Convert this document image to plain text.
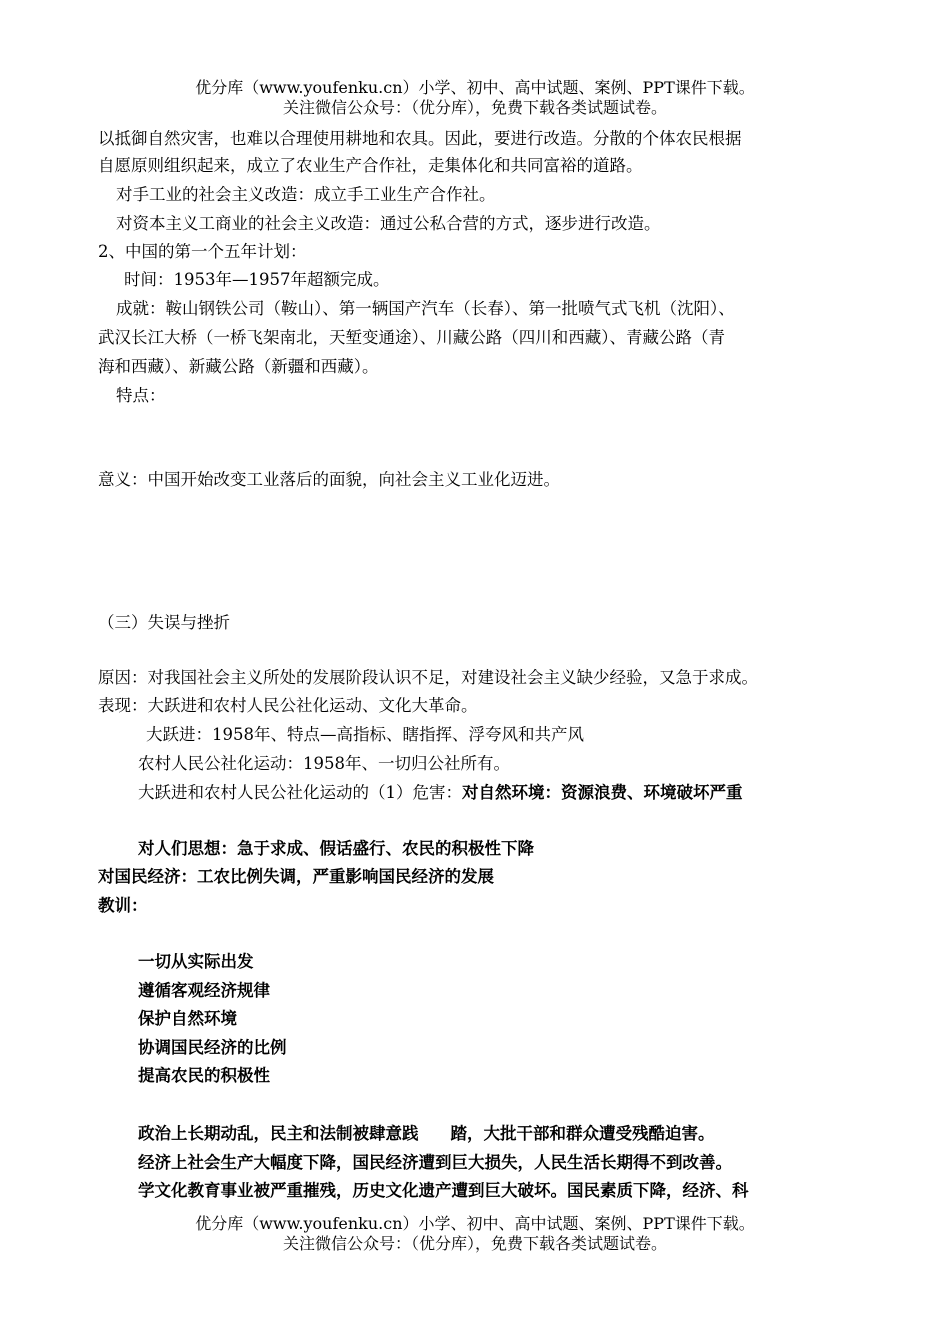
优分库（www.youfenku.cn）小学、初中、高中试题、案例、PPT课件下载。
关注微信公众号：（优分库），免费下载各类试题试卷。
以抵御自然灾害，也难以合理使用耕地和农具。因此，要进行改造。分散的个体农民根据
自愿原则组织起来，成立了农业生产合作社，走集体化和共同富裕的道路。
对手工业的社会主义改造：成立手工业生产合作社。
对资本主义工商业的社会主义改造：通过公私合营的方式，逐步进行改造。
2、中国的第一个五年计划：
时间：1953年—1957年超额完成。
成就：鞍山钢铁公司（鞍山）、第一辆国产汽车（长春）、第一批喷气式飞机（沈阳）、
武汉长江大桥（一桥飞架南北，天堑变通途）、川藏公路（四川和西藏）、青藏公路（青
海和西藏）、新藏公路（新疆和西藏）。
特点：
意义：中国开始改变工业落后的面貌，向社会主义工业化迈进。
（三）失误与挫折
原因：对我国社会主义所处的发展阶段认识不足，对建设社会主义缺少经验，又急于求成。
表现：大跃进和农村人民公社化运动、文化大革命。
大跃进：1958年、特点—高指标、瞎指挥、浮夸风和共产风
农村人民公社化运动：1958年、一切归公社所有。
大跃进和农村人民公社化运动的（1）危害：对自然环境：资源浪费、环境破坏严重
对人们思想：急于求成、假话盛行、农民的积极性下降
对国民经济：工农比例失调，严重影响国民经济的发展
教训：
一切从实际出发
遵循客观经济规律
保护自然环境
协调国民经济的比例
提高农民的积极性
政治上长期动乱，民主和法制被肆意践 踏，大批干部和群众遭受残酷迫害。
经济上社会生产大幅度下降，国民经济遭到巨大损失，人民生活长期得不到改善。
学文化教育事业被严重摧残，历史文化遗产遭到巨大破坏。国民素质下降，经济、科
优分库（www.youfenku.cn）小学、初中、高中试题、案例、PPT课件下载。
关注微信公众号：（优分库），免费下载各类试题试卷。
